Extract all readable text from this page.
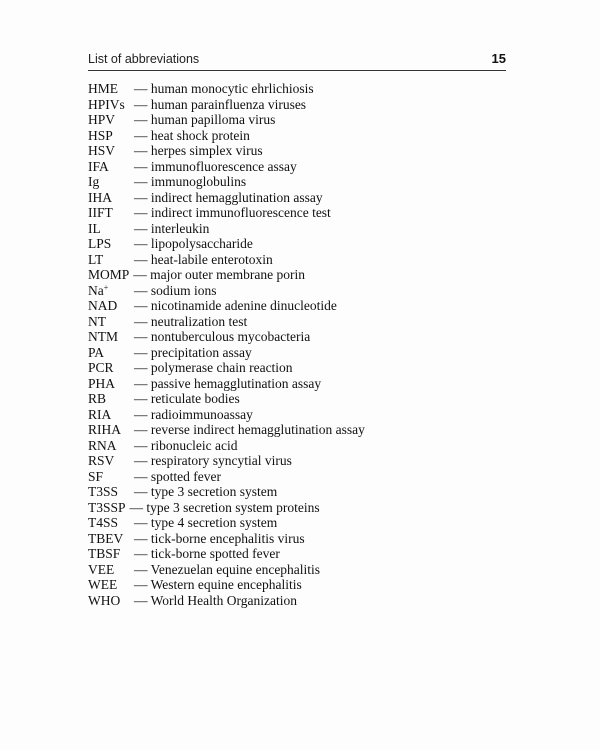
List of abbreviations	15
HME — human monocytic ehrlichiosis
HPIVs — human parainfluenza viruses
HPV — human papilloma virus
HSP — heat shock protein
HSV — herpes simplex virus
IFA — immunofluorescence assay
Ig	— immunoglobulins
IHA — indirect hemagglutination assay
IIFT — indirect immunofluorescence test
IL — interleukin
LPS — lipopolysaccharide
LT — heat-labile enterotoxin
MOMP — major outer membrane porin
Na+ — sodium ions
NAD — nicotinamide adenine dinucleotide
NT — neutralization test
NTM — nontuberculous mycobacteria
PA — precipitation assay
PCR — polymerase chain reaction
PHA — passive hemagglutination assay
RB — reticulate bodies
RIA — radioimmunoassay
RIHA — reverse indirect hemagglutination assay
RNA — ribonucleic acid
RSV — respiratory syncytial virus
SF — spotted fever
T3SS — type 3 secretion system
T3SSP — type 3 secretion system proteins
T4SS — type 4 secretion system
TBEV — tick-borne encephalitis virus
TBSF — tick-borne spotted fever
VEE — Venezuelan equine encephalitis
WEE — Western equine encephalitis
WHO — World Health Organization
